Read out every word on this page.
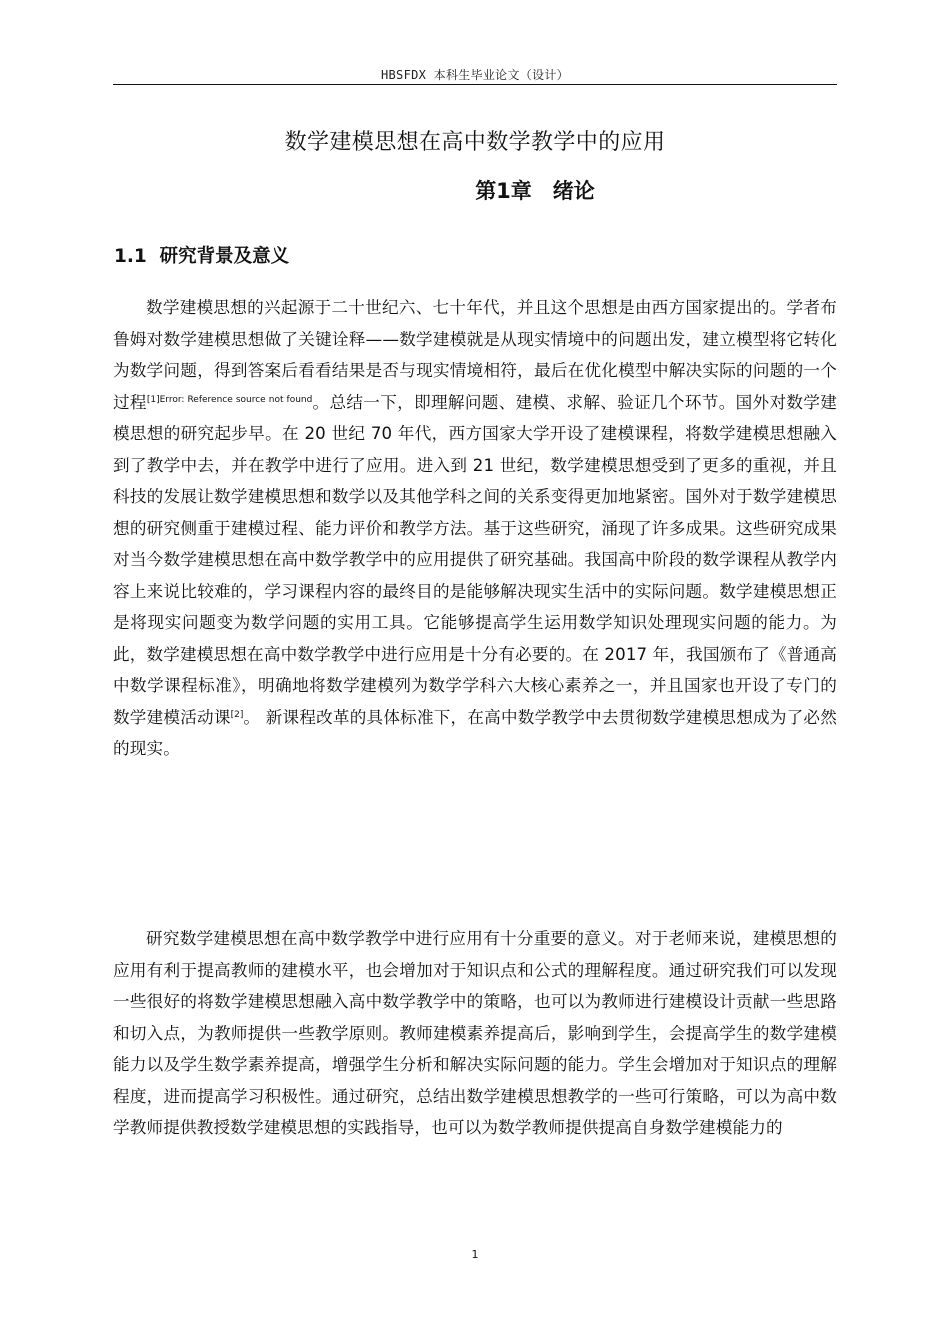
HBSFDX 本科生毕业论文（设计）
数学建模思想在高中数学教学中的应用
第1章　绪论
1.1  研究背景及意义

数学建模思想的兴起源于二十世纪六、七十年代，并且这个思想是由西方国家提出的。学者布鲁姆对数学建模思想做了关键诠释——数学建模就是从现实情境中的问题出发，建立模型将它转化为数学问题，得到答案后看看结果是否与现实情境相符，最后在优化模型中解决实际的问题的一个过程$^{[1]Error: Reference source not found}$。总结一下，即理解问题、建模、求解、验证几个环节。国外对数学建模思想的研究起步早。在 20 世纪 70 年代，西方国家大学开设了建模课程，将数学建模思想融入到了教学中去，并在教学中进行了应用。进入到 21 世纪，数学建模思想受到了更多的重视，并且科技的发展让数学建模思想和数学以及其他学科之间的关系变得更加地紧密。国外对于数学建模思想的研究侧重于建模过程、能力评价和教学方法。基于这些研究，涌现了许多成果。这些研究成果对当今数学建模思想在高中数学教学中的应用提供了研究基础。我国高中阶段的数学课程从教学内容上来说比较难的，学习课程内容的最终目的是能够解决现实生活中的实际问题。数学建模思想正是将现实问题变为数学问题的实用工具。它能够提高学生运用数学知识处理现实问题的能力。为此，数学建模思想在高中数学教学中进行应用是十分有必要的。在 2017 年，我国颁布了《普通高中数学课程标准》，明确地将数学建模列为数学学科六大核心素养之一，并且国家也开设了专门的数学建模活动课[2]。 新课程改革的具体标准下，在高中数学教学中去贯彻数学建模思想成为了必然的现实。

研究数学建模思想在高中数学教学中进行应用有十分重要的意义。对于老师来说，建模思想的应用有利于提高教师的建模水平，也会增加对于知识点和公式的理解程度。通过研究我们可以发现一些很好的将数学建模思想融入高中数学教学中的策略，也可以为教师进行建模设计贡献一些思路和切入点，为教师提供一些教学原则。教师建模素养提高后，影响到学生，会提高学生的数学建模能力以及学生数学素养提高，增强学生分析和解决实际问题的能力。学生会增加对于知识点的理解程度，进而提高学习积极性。通过研究，总结出数学建模思想教学的一些可行策略，可以为高中数学教师提供教授数学建模思想的实践指导，也可以为数学教师提供提高自身数学建模能力的

1
